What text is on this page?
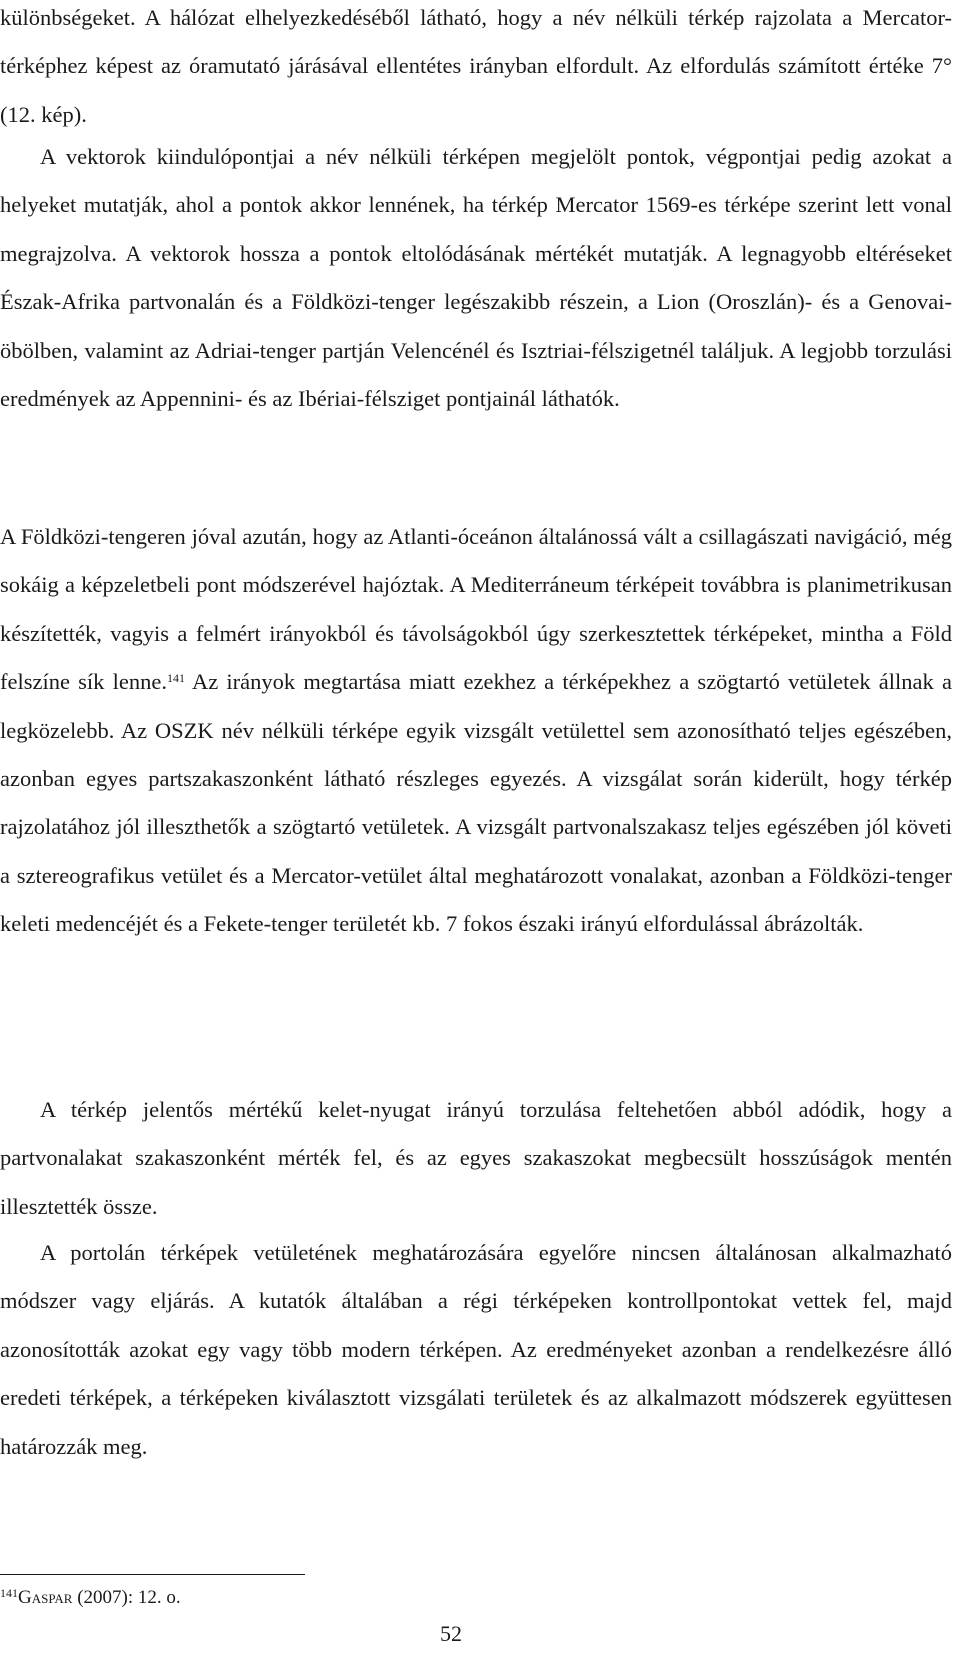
különbségeket. A hálózat elhelyezkedéséből látható, hogy a név nélküli térkép rajzolata a Mercator-térképhez képest az óramutató járásával ellentétes irányban elfordult. Az elfordulás számított értéke 7° (12. kép).

A vektorok kiindulópontjai a név nélküli térképen megjelölt pontok, végpontjai pedig azokat a helyeket mutatják, ahol a pontok akkor lennének, ha térkép Mercator 1569-es térképe szerint lett vonal megrajzolva. A vektorok hossza a pontok eltolódásának mértékét mutatják. A legnagyobb eltéréseket Észak-Afrika partvonalán és a Földközi-tenger legészakibb részein, a Lion (Oroszlán)- és a Genovai-öbölben, valamint az Adriai-tenger partján Velencénél és Isztriai-félszigetnél találjuk. A legjobb torzulási eredmények az Appennini- és az Ibériai-félsziget pontjainál láthatók.

A Földközi-tengeren jóval azután, hogy az Atlanti-óceánon általánossá vált a csillagászati navigáció, még sokáig a képzeletbeli pont módszerével hajóztak. A Mediterráneum térképeit továbbra is planimetrikusan készítették, vagyis a felmért irányokból és távolságokból úgy szerkesztettek térképeket, mintha a Föld felszíne sík lenne.$^{141}$ Az irányok megtartása miatt ezekhez a térképekhez a szögtartó vetületek állnak a legközelebb. Az OSZK név nélküli térképe egyik vizsgált vetülettel sem azonosítható teljes egészében, azonban egyes partszakaszonként látható részleges egyezés. A vizsgálat során kiderült, hogy térkép rajzolatához jól illeszthetők a szögtartó vetületek. A vizsgált partvonalszakasz teljes egészében jól követi a sztereografikus vetület és a Mercator-vetület által meghatározott vonalakat, azonban a Földközi-tenger keleti medencéjét és a Fekete-tenger területét kb. 7 fokos északi irányú elfordulással ábrázolták.

A térkép jelentős mértékű kelet-nyugat irányú torzulása feltehetően abból adódik, hogy a partvonalakat szakaszonként mérték fel, és az egyes szakaszokat megbecsült hosszúságok mentén illesztették össze.

A portolán térképek vetületének meghatározására egyelőre nincsen általánosan alkalmazható módszer vagy eljárás. A kutatók általában a régi térképeken kontrollpontokat vettek fel, majd azonosították azokat egy vagy több modern térképen. Az eredményeket azonban a rendelkezésre álló eredeti térképek, a térképeken kiválasztott vizsgálati területek és az alkalmazott módszerek együttesen határozzák meg.

$^{141}$Gaspar (2007): 12. o.

52
